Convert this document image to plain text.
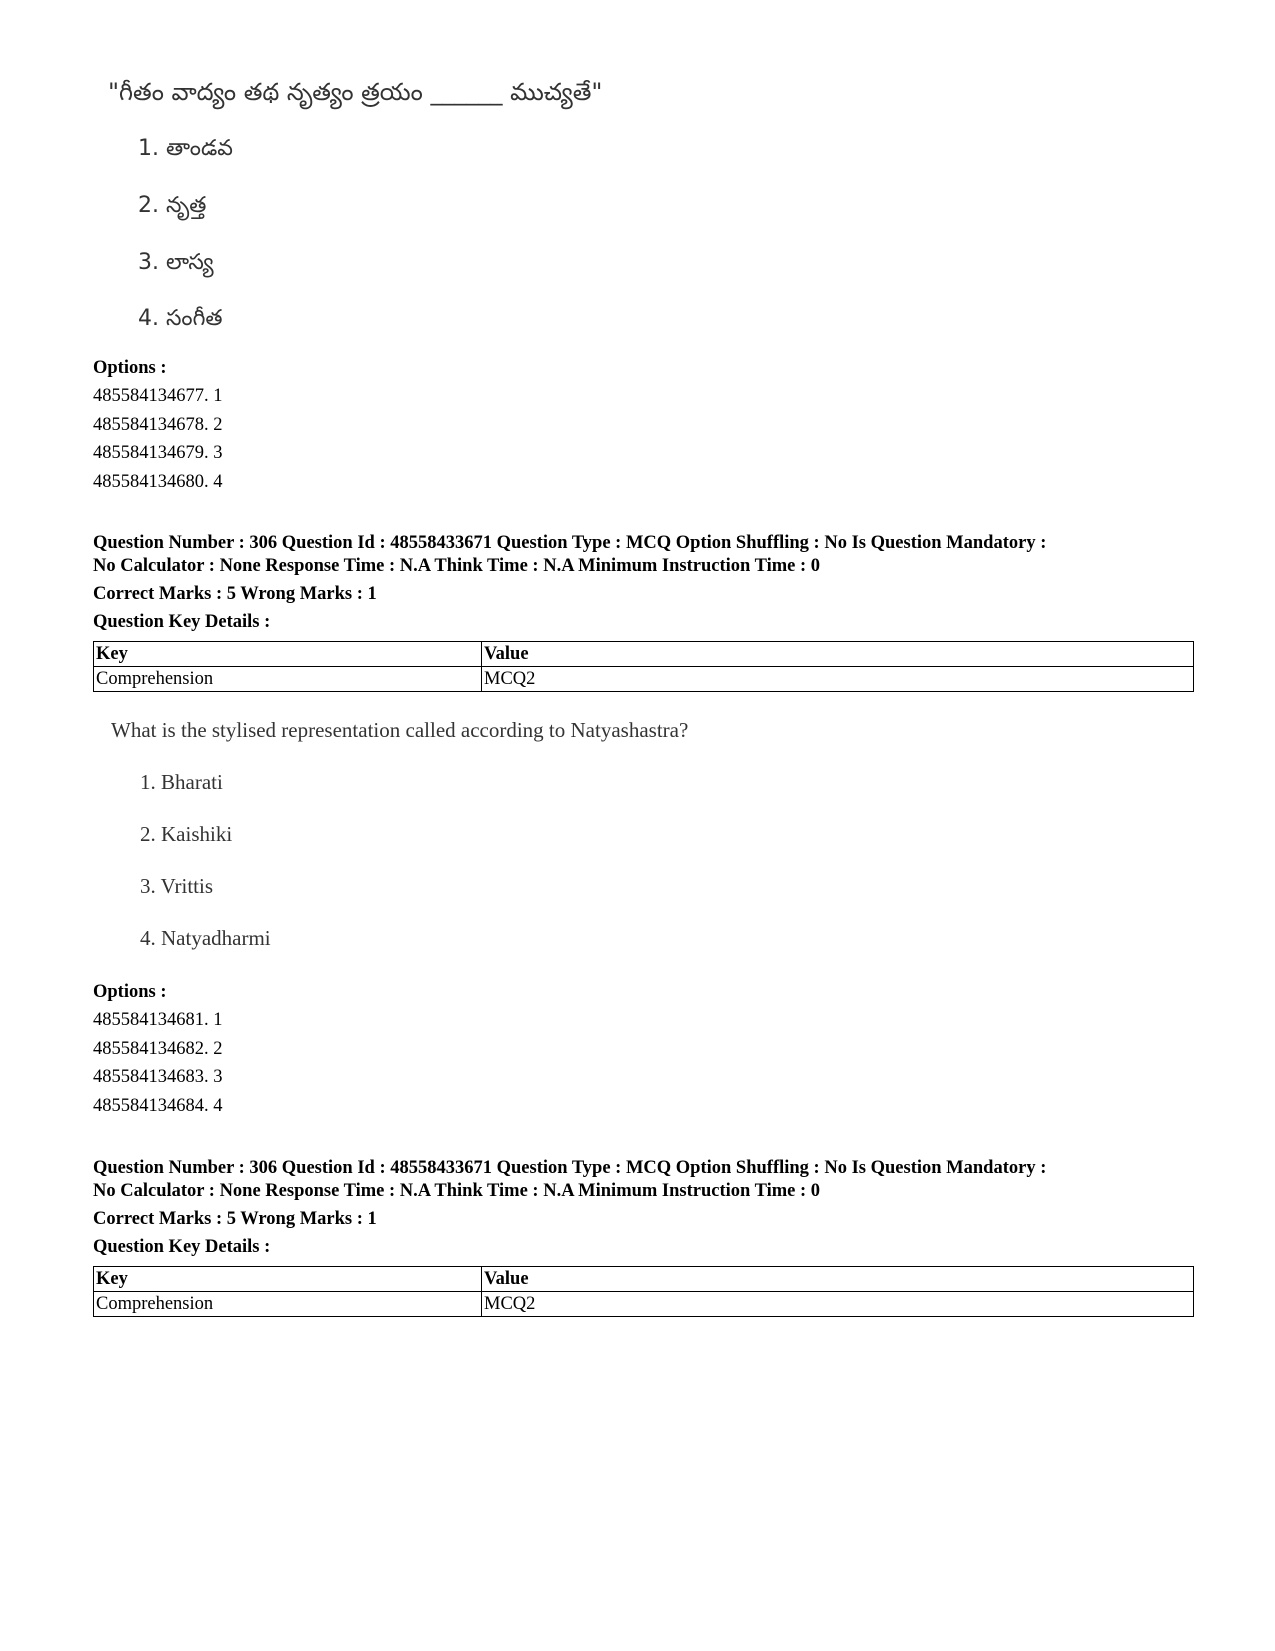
"గీతం వాద్యం తథ నృత్యం త్రయం ______ ముచ్యతే"
1. తాండవ
2. నృత్త
3. లాస్య
4. సంగీత
Options :
485584134677. 1
485584134678. 2
485584134679. 3
485584134680. 4
Question Number : 306 Question Id : 48558433671 Question Type : MCQ Option Shuffling : No Is Question Mandatory :
No Calculator : None Response Time : N.A Think Time : N.A Minimum Instruction Time : 0
Correct Marks : 5 Wrong Marks : 1
Question Key Details :
Key	Value
Comprehension	MCQ2
What is the stylised representation called according to Natyashastra?
1. Bharati
2. Kaishiki
3. Vrittis
4. Natyadharmi
Options :
485584134681. 1
485584134682. 2
485584134683. 3
485584134684. 4
Question Number : 306 Question Id : 48558433671 Question Type : MCQ Option Shuffling : No Is Question Mandatory :
No Calculator : None Response Time : N.A Think Time : N.A Minimum Instruction Time : 0
Correct Marks : 5 Wrong Marks : 1
Question Key Details :
Key	Value
Comprehension	MCQ2
